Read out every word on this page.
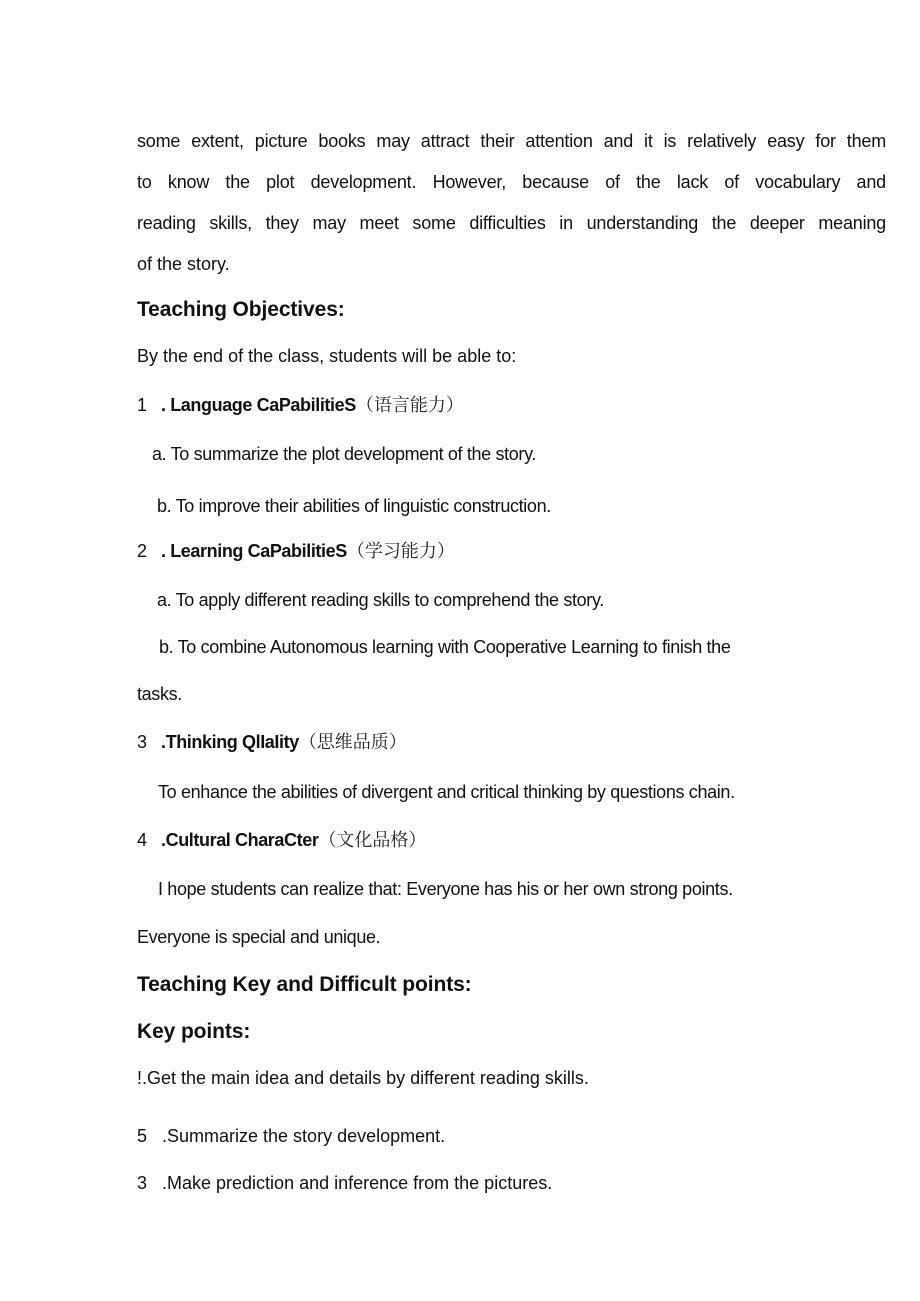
some extent, picture books may attract their attention and it is relatively easy for them
to know the plot development. However, because of the lack of vocabulary and
reading skills, they may meet some difficulties in understanding the deeper meaning
of the story.
Teaching Objectives:
By the end of the class, students will be able to:
1 . Language CaPabilitieS（语言能力）
a. To summarize the plot development of the story.
b. To improve their abilities of linguistic construction.
2 . Learning CaPabilitieS（学习能力）
a. To apply different reading skills to comprehend the story.
b. To combine Autonomous learning with Cooperative Learning to finish the
tasks.
3 .Thinking QlIaIity（思维品质）
To enhance the abilities of divergent and critical thinking by questions chain.
4 .Cultural CharaCter（文化品格）
I hope students can realize that: Everyone has his or her own strong points.
Everyone is special and unique.
Teaching Key and Difficult points:
Key points:
!.Get the main idea and details by different reading skills.
5   .Summarize the story development.
3   .Make prediction and inference from the pictures.
